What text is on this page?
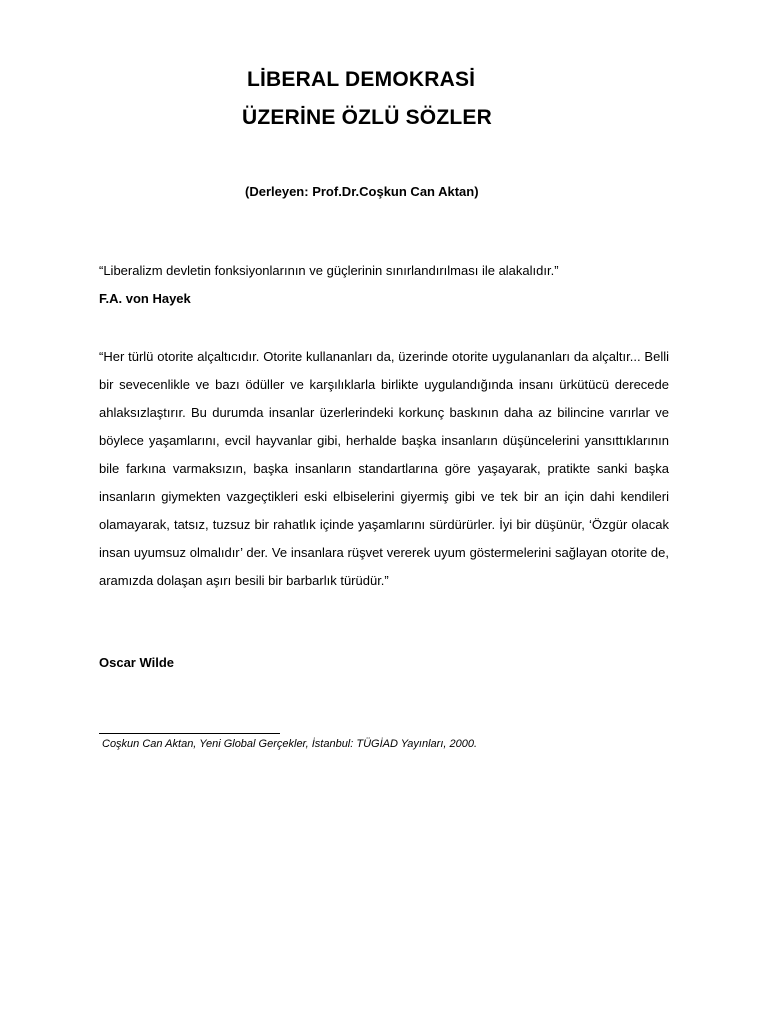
LİBERAL DEMOKRASİ
ÜZERİNE ÖZLÜ SÖZLER
(Derleyen: Prof.Dr.Coşkun Can Aktan)
“Liberalizm devletin fonksiyonlarının ve güçlerinin sınırlandırılması ile alakalıdır.”
F.A. von Hayek
“Her türlü otorite alçaltıcıdır. Otorite kullananları da, üzerinde otorite uygulananları da alçaltır... Belli bir sevecenlikle ve bazı ödüller ve karşılıklarla birlikte uygulandığında insanı ürkütücü derecede ahlaksızlaştırır. Bu durumda insanlar üzerlerindeki korkunç baskının daha az bilincine varırlar ve böylece yaşamlarını, evcil hayvanlar gibi, herhalde başka insanların düşüncelerini yansıttıklarının bile farkına varmaksızın, başka insanların standartlarına göre yaşayarak, pratikte sanki başka insanların giymekten vazgeçtikleri eski elbiselerini giyermiş gibi ve tek bir an için dahi kendileri olamayarak, tatsız, tuzsuz bir rahatlık içinde yaşamlarını sürdürürler. İyi bir düşünür, ‘Özgür olacak insan uyumsuz olmalıdır’ der. Ve insanlara rüşvet vererek uyum göstermelerini sağlayan otorite de, aramızda dolaşan aşırı besili bir barbarlık türüdür.”
Oscar Wilde
Coşkun Can Aktan, Yeni Global Gerçekler, İstanbul: TÜGİAD Yayınları, 2000.
